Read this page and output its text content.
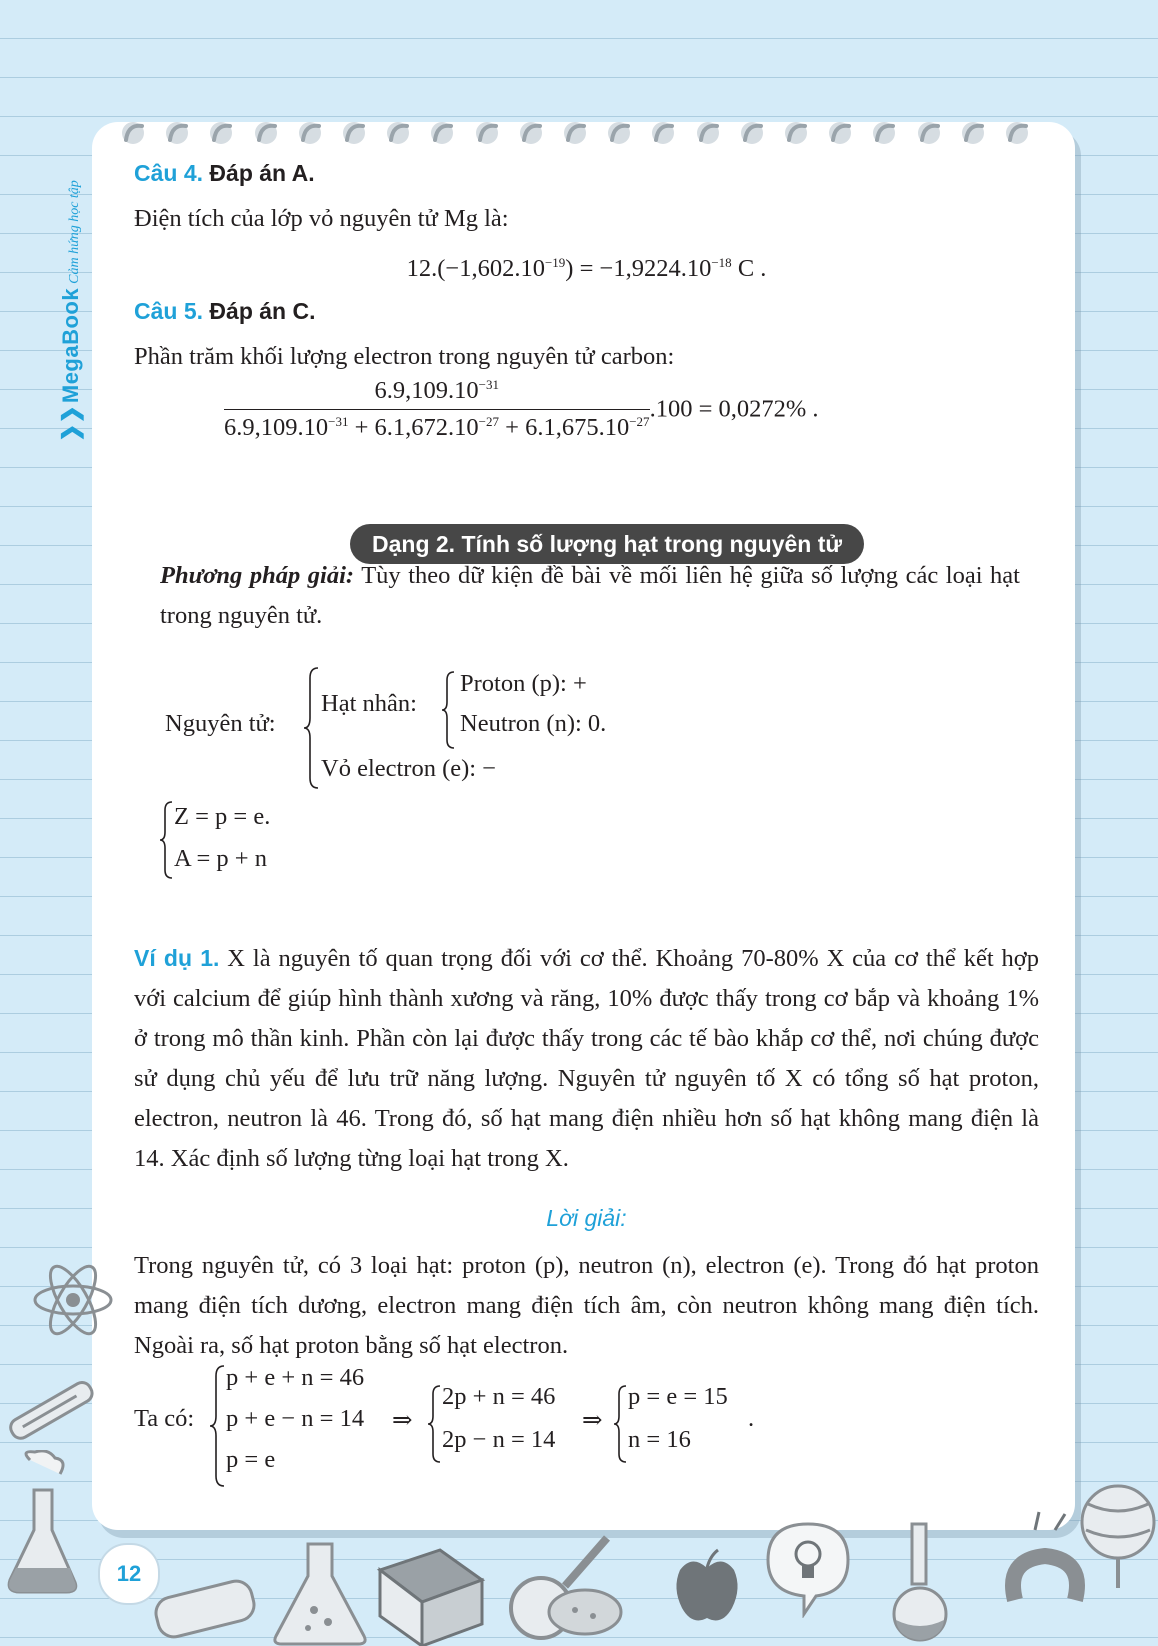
❯❯MegaBookCảm hứng học tập
Câu 4. Đáp án A.
Điện tích của lớp vỏ nguyên tử Mg là:
$12.(-1,602.10^{-19}) = -1,9224.10^{-18}$ C .
Câu 5. Đáp án C.
Phần trăm khối lượng electron trong nguyên tử carbon:
$\frac{6.9,109.10^{-31}}{6.9,109.10^{-31} + 6.1,672.10^{-27} + 6.1,675.10^{-27}} .100 = 0,0272\%$ .
Dạng 2. Tính số lượng hạt trong nguyên tử
Phương pháp giải: Tùy theo dữ kiện đề bài về mối liên hệ giữa số lượng các loại hạt trong nguyên tử.
Nguyên tử:
Hạt nhân:
Proton (p): +
Neutron (n): 0.
Vỏ electron (e): −
Z = p = e.
A = p + n
Ví dụ 1. X là nguyên tố quan trọng đối với cơ thể. Khoảng 70-80% X của cơ thể kết hợp với calcium để giúp hình thành xương và răng, 10% được thấy trong cơ bắp và khoảng 1% ở trong mô thần kinh. Phần còn lại được thấy trong các tế bào khắp cơ thể, nơi chúng được sử dụng chủ yếu để lưu trữ năng lượng. Nguyên tử nguyên tố X có tổng số hạt proton, electron, neutron là 46. Trong đó, số hạt mang điện nhiều hơn số hạt không mang điện là 14. Xác định số lượng từng loại hạt trong X.
Lời giải:
Trong nguyên tử, có 3 loại hạt: proton (p), neutron (n), electron (e). Trong đó hạt proton mang điện tích dương, electron mang điện tích âm, còn neutron không mang điện tích. Ngoài ra, số hạt proton bằng số hạt electron.
Ta có:
p + e + n = 46
p + e − n = 14
p = e
⇒
2p + n = 46
2p − n = 14
⇒
p = e = 15
n = 16
.
12
